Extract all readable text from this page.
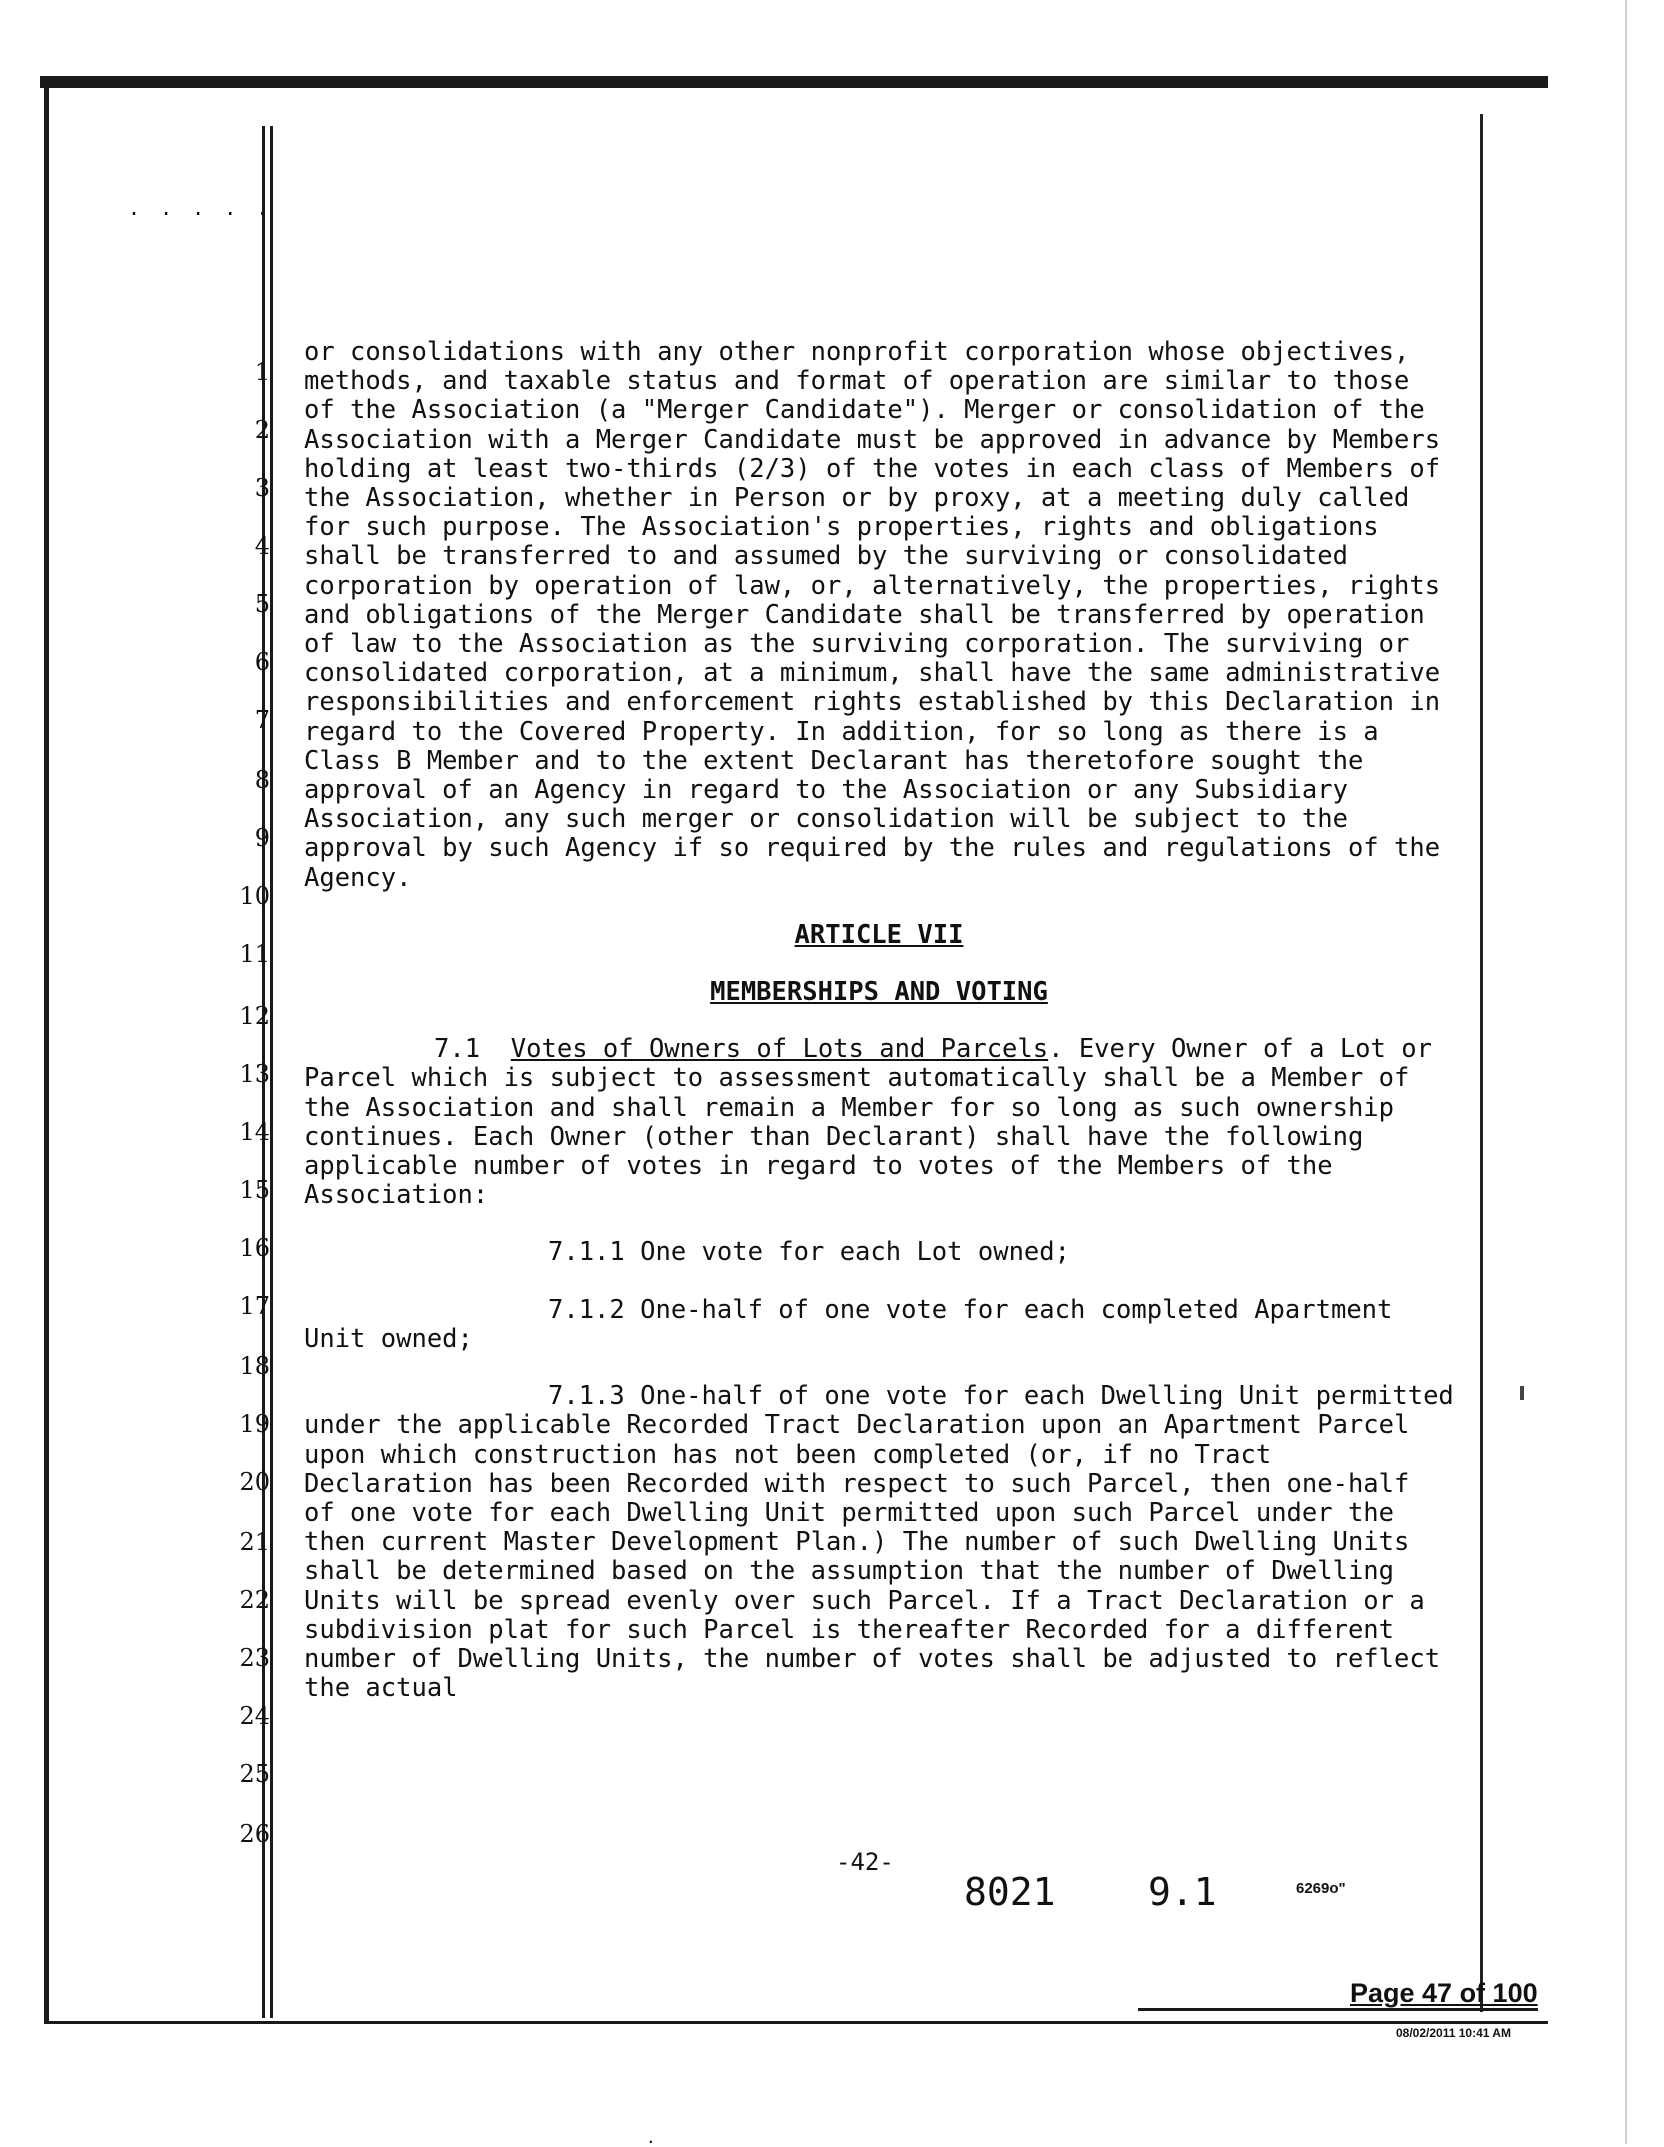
. . . . .
1
2
3
4
5
6
7
8
9
10
11
12
13
14
15
16
17
18
19
20
21
22
23
24
25
26

or consolidations with any other nonprofit corporation whose objectives, methods, and taxable status and format of operation are similar to those of the Association (a "Merger Candidate"). Merger or consolidation of the Association with a Merger Candidate must be approved in advance by Members holding at least two-thirds (2/3) of the votes in each class of Members of the Association, whether in Person or by proxy, at a meeting duly called for such purpose. The Association's properties, rights and obligations shall be transferred to and assumed by the surviving or consolidated corporation by operation of law, or, alternatively, the properties, rights and obligations of the Merger Candidate shall be transferred by operation of law to the Association as the surviving corporation. The surviving or consolidated corporation, at a minimum, shall have the same administrative responsibilities and enforcement rights established by this Declaration in regard to the Covered Property. In addition, for so long as there is a Class B Member and to the extent Declarant has theretofore sought the approval of an Agency in regard to the Association or any Subsidiary Association, any such merger or consolidation will be subject to the approval by such Agency if so required by the rules and regulations of the Agency.

ARTICLE VII

MEMBERSHIPS AND VOTING

7.1 Votes of Owners of Lots and Parcels. Every Owner of a Lot or Parcel which is subject to assessment automatically shall be a Member of the Association and shall remain a Member for so long as such ownership continues. Each Owner (other than Declarant) shall have the following applicable number of votes in regard to votes of the Members of the Association:

7.1.1 One vote for each Lot owned;

7.1.2 One-half of one vote for each completed Apartment Unit owned;

7.1.3 One-half of one vote for each Dwelling Unit permitted under the applicable Recorded Tract Declaration upon an Apartment Parcel upon which construction has not been completed (or, if no Tract Declaration has been Recorded with respect to such Parcel, then one-half of one vote for each Dwelling Unit permitted upon such Parcel under the then current Master Development Plan.) The number of such Dwelling Units shall be determined based on the assumption that the number of Dwelling Units will be spread evenly over such Parcel. If a Tract Declaration or a subdivision plat for such Parcel is thereafter Recorded for a different number of Dwelling Units, the number of votes shall be adjusted to reflect the actual

-42-
8021 9.1	6269o"
Page 47 of 100
08/02/2011 10:41 AM
.
